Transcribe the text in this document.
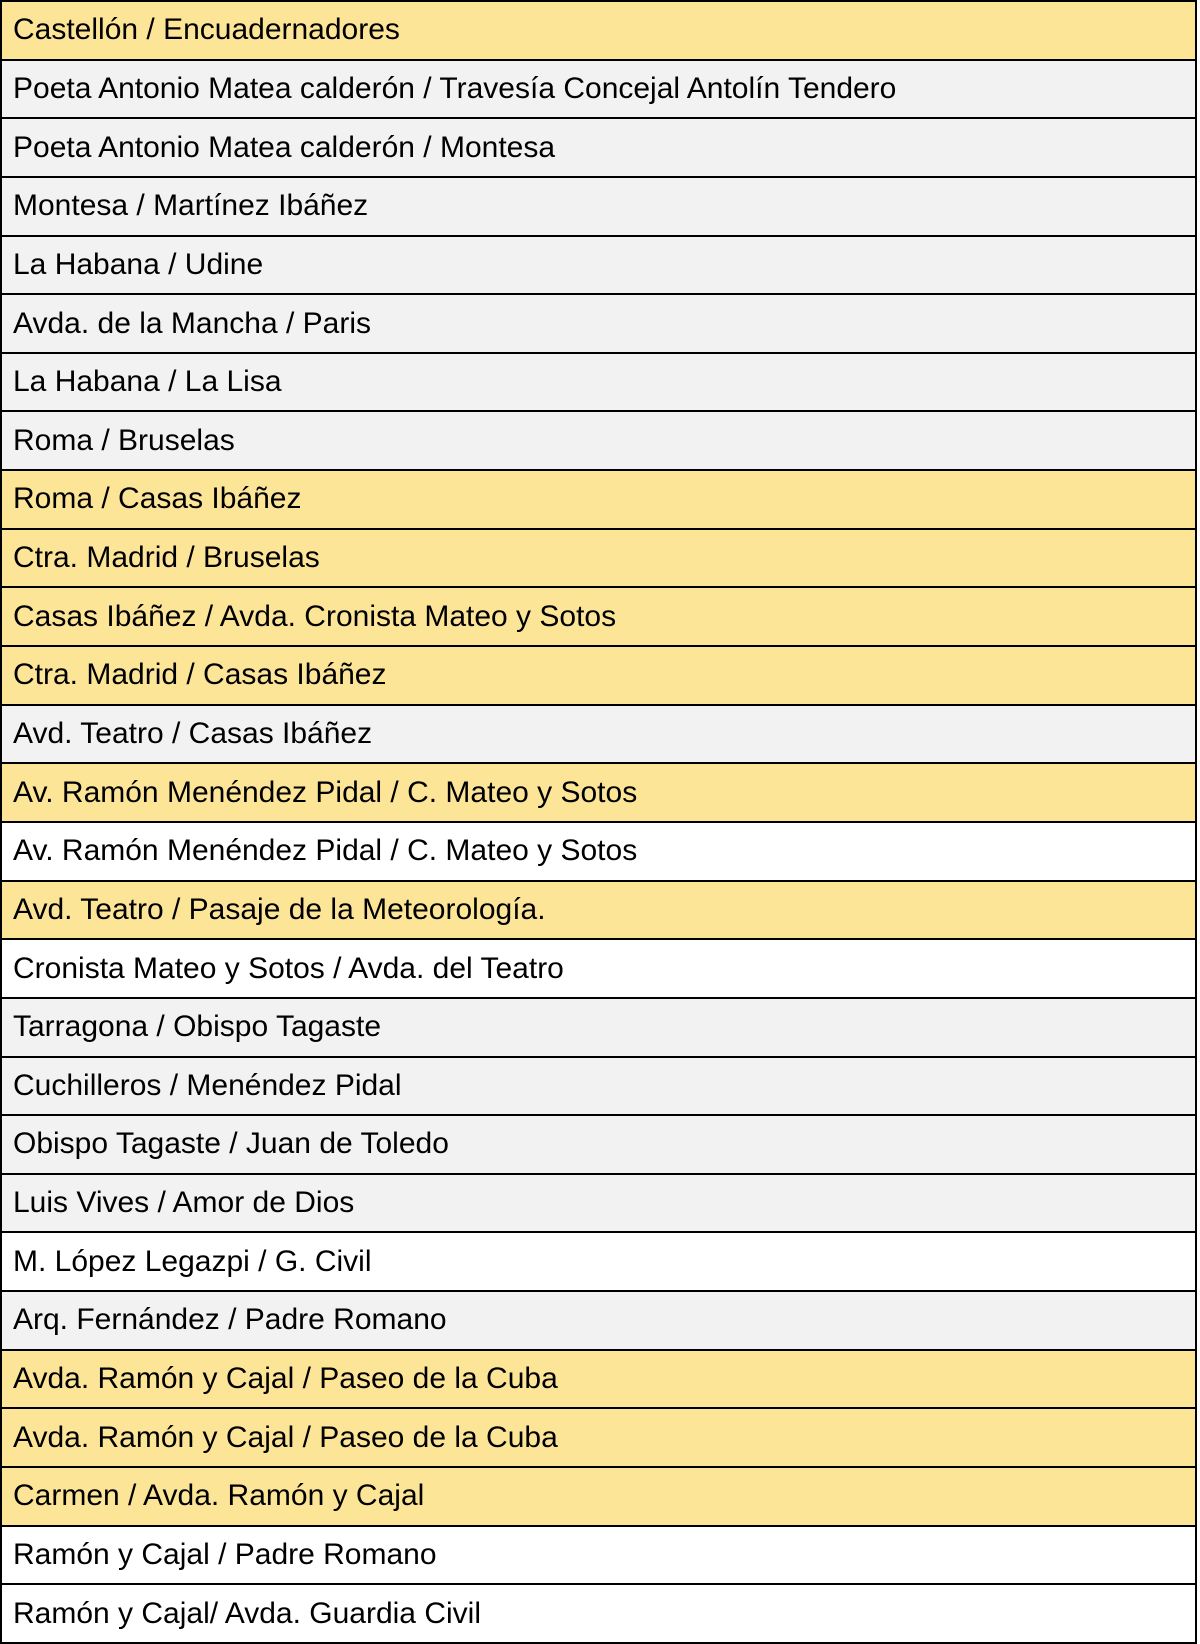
Castellón / Encuadernadores
Poeta Antonio Matea calderón / Travesía Concejal Antolín Tendero
Poeta Antonio Matea calderón / Montesa
Montesa / Martínez Ibáñez
La Habana / Udine
Avda. de la Mancha / Paris
La Habana / La Lisa
Roma / Bruselas
Roma / Casas Ibáñez
Ctra. Madrid / Bruselas
Casas Ibáñez / Avda. Cronista Mateo y Sotos
Ctra. Madrid / Casas Ibáñez
Avd. Teatro / Casas Ibáñez
Av. Ramón Menéndez Pidal / C. Mateo y Sotos
Av. Ramón Menéndez Pidal / C. Mateo y Sotos
Avd. Teatro / Pasaje de la Meteorología.
Cronista Mateo y Sotos / Avda. del Teatro
Tarragona / Obispo Tagaste
Cuchilleros / Menéndez Pidal
Obispo Tagaste / Juan de Toledo
Luis Vives / Amor de Dios
M. López Legazpi / G. Civil
Arq. Fernández / Padre Romano
Avda. Ramón y Cajal / Paseo de la Cuba
Avda. Ramón y Cajal / Paseo de la Cuba
Carmen / Avda. Ramón y Cajal
Ramón y Cajal / Padre Romano
Ramón y Cajal/ Avda. Guardia Civil
